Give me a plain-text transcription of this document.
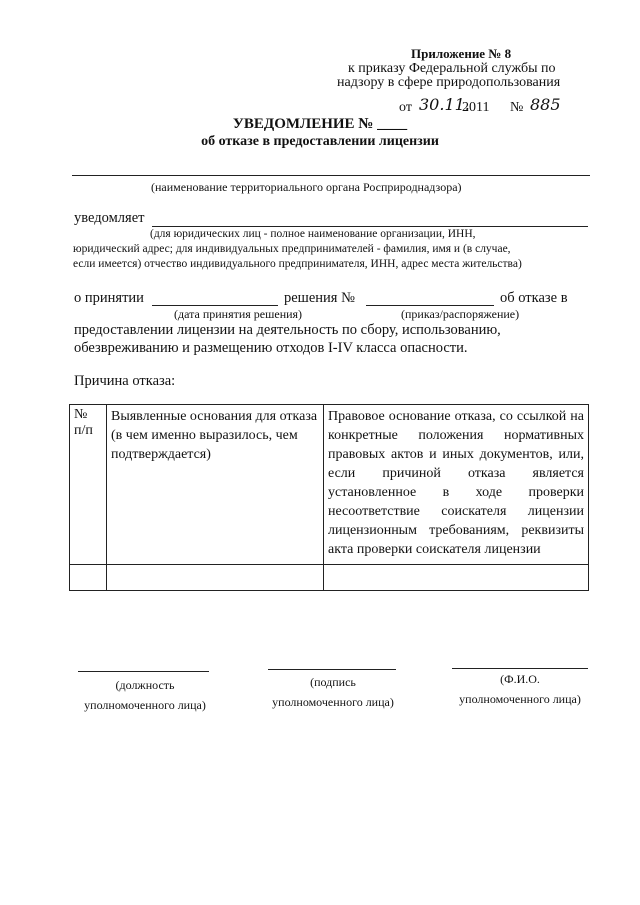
Приложение № 8
к приказу Федеральной службы по
надзору в сфере природопользования
от 30.11.
2011 № 885
УВЕДОМЛЕНИЕ № ____
об отказе в предоставлении лицензии
(наименование территориального органа Росприроднадзора)
уведомляет
(для юридических лиц - полное наименование организации, ИНН,
юридический адрес; для индивидуальных предпринимателей - фамилия, имя и (в случае,
если имеется) отчество индивидуального предпринимателя, ИНН, адрес места жительства)
о принятии	решения №	об отказе в
(дата принятия решения)	(приказ/распоряжение)
предоставлении лицензии на деятельность по сбору, использованию,
обезвреживанию и размещению отходов I-IV класса опасности.
Причина отказа:
№ п/п	Выявленные основания для отказа (в чем именно выразилось, чем подтверждается)	Правовое основание отказа, со ссылкой на конкретные положения нормативных правовых актов и иных документов, или, если причиной отказа является установленное в ходе проверки несоответствие соискателя лицензии лицензионным требованиям, реквизиты акта проверки соискателя лицензии

(должность
уполномоченного лица)
(подпись
уполномоченного лица)
(Ф.И.О.
уполномоченного лица)
